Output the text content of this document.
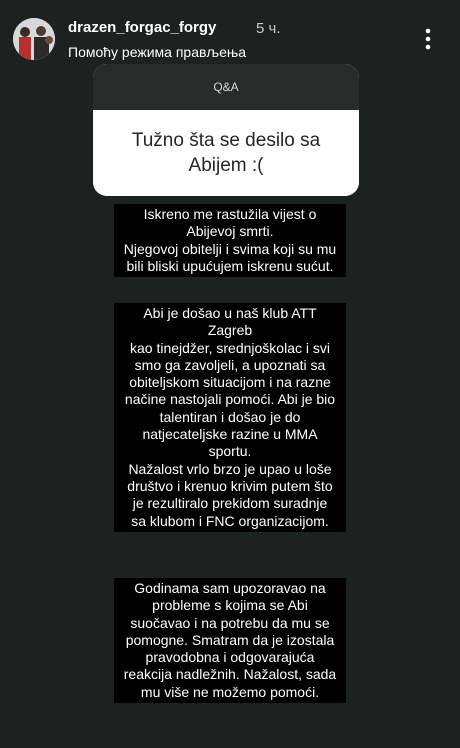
drazen_forgac_forgy	5 ч.
Помоћу режима прављења
Q&A
Tužno šta se desilo sa Abijem :(

Iskreno me rastužila vijest o

Abijevoj smrti.

Njegovoj obitelji i svima koji su mu

bili bliski upućujem iskrenu sućut.

Abi je došao u naš klub ATT Zagreb

kao tinejdžer, srednjoškolac i svi

smo ga zavoljeli, a upoznati sa

obiteljskom situacijom i na razne

načine nastojali pomoći. Abi je bio

talentiran i došao je do

natjecateljske razine u MMA

sportu.

Nažalost vrlo brzo je upao u loše

društvo i krenuo krivim putem što

je rezultiralo prekidom suradnje

sa klubom i FNC organizacijom.

Godinama sam upozoravao na

probleme s kojima se Abi

suočavao i na potrebu da mu se

pomogne. Smatram da je izostala

pravodobna i odgovarajuća

reakcija nadležnih. Nažalost, sada

mu više ne možemo pomoći.
